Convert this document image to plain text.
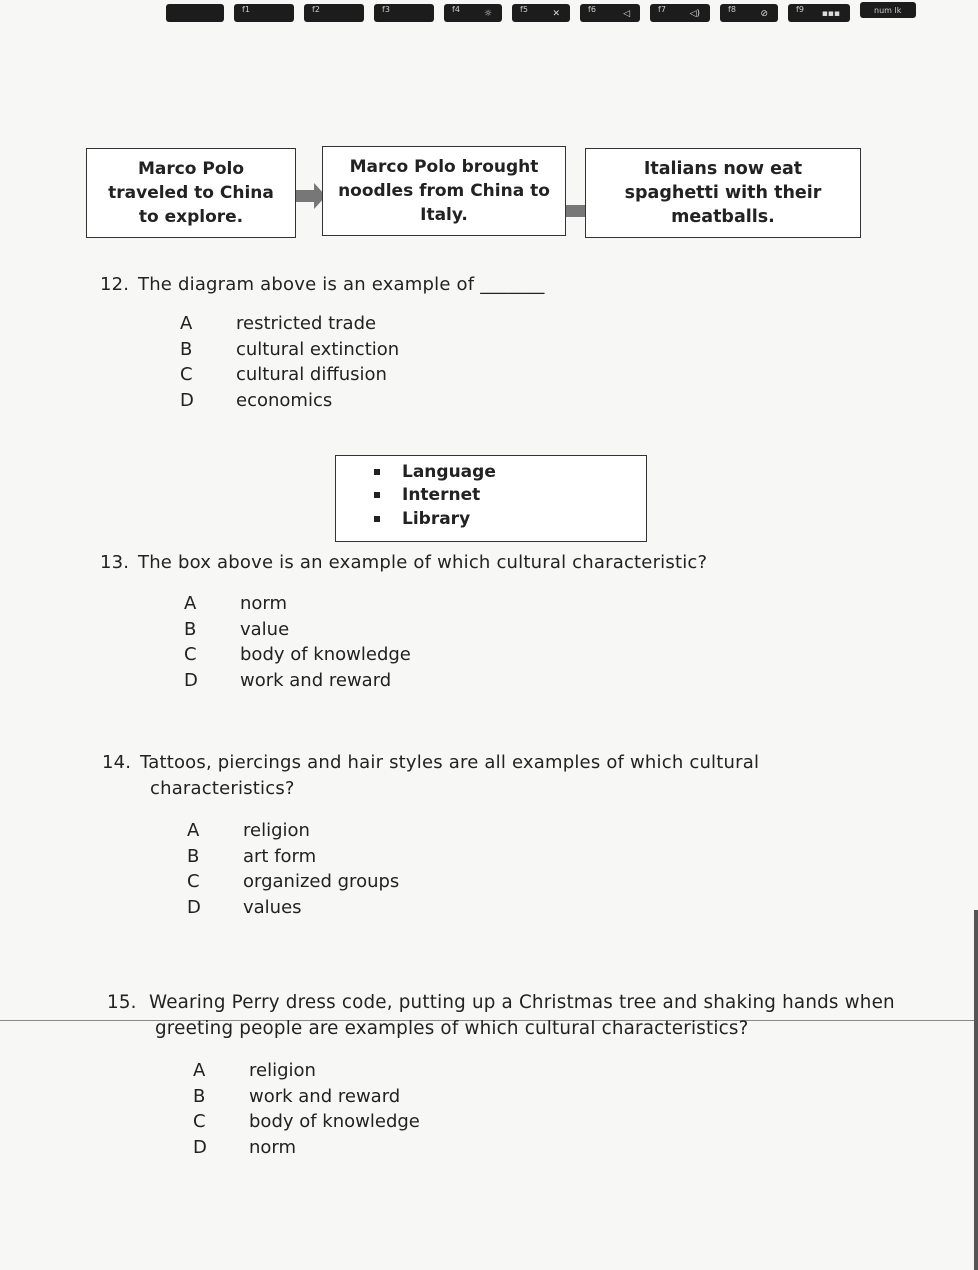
f1	f2	f3	f4	☼	f5	✕	f6	◁	f7	◁)	f8	⊘	f9 ▪▪▪	num lk
Marco Polo traveled to China to explore.
Marco Polo brought noodles from China to Italy.
Italians now eat spaghetti with their meatballs.
12. The diagram above is an example of _______
A	restricted trade
B	cultural extinction
C	cultural diffusion
D	economics
Language
Internet
Library
13. The box above is an example of which cultural characteristic?
A	norm
B	value
C	body of knowledge
D	work and reward
14. Tattoos, piercings and hair styles are all examples of which cultural
characteristics?
A	religion
B	art form
C	organized groups
D	values
15. Wearing Perry dress code, putting up a Christmas tree and shaking hands when
greeting people are examples of which cultural characteristics?
A	religion
B	work and reward
C	body of knowledge
D	norm
